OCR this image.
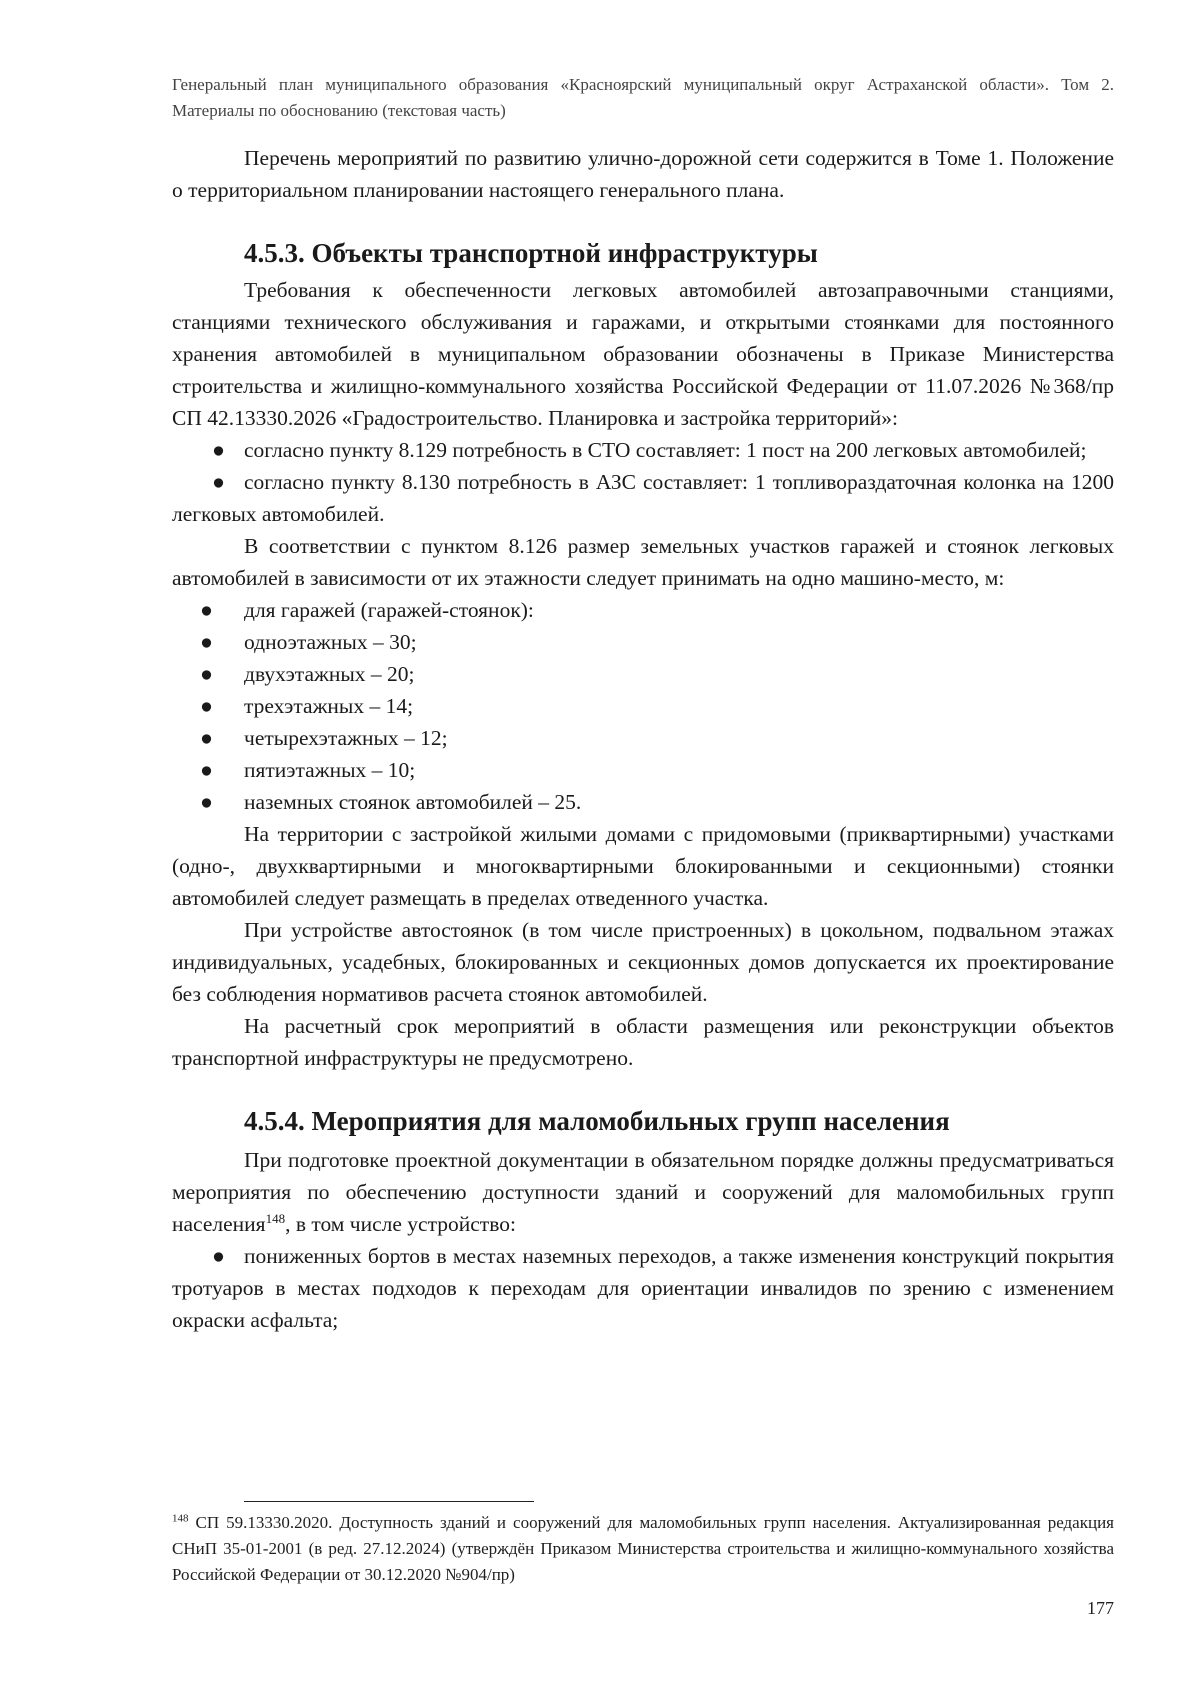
Генеральный план муниципального образования «Красноярский муниципальный округ Астраханской области». Том 2. Материалы по обоснованию (текстовая часть)

Перечень мероприятий по развитию улично-дорожной сети содержится в Томе 1. Положение о территориальном планировании настоящего генерального плана.

4.5.3. Объекты транспортной инфраструктуры

Требования к обеспеченности легковых автомобилей автозаправочными станциями, станциями технического обслуживания и гаражами, и открытыми стоянками для постоянного хранения автомобилей в муниципальном образовании обозначены в Приказе Министерства строительства и жилищно-коммунального хозяйства Российской Федерации от 11.07.2026 №368/пр СП 42.13330.2026 «Градостроительство. Планировка и застройка территорий»:

● согласно пункту 8.129 потребность в СТО составляет: 1 пост на 200 легковых автомобилей;

● согласно пункту 8.130 потребность в АЗС составляет: 1 топливораздаточная колонка на 1200 легковых автомобилей.

В соответствии с пунктом 8.126 размер земельных участков гаражей и стоянок легковых автомобилей в зависимости от их этажности следует принимать на одно машино-место, м:

● для гаражей (гаражей-стоянок):
● одноэтажных – 30;
● двухэтажных – 20;
● трехэтажных – 14;
● четырехэтажных – 12;
● пятиэтажных – 10;
● наземных стоянок автомобилей – 25.

На территории с застройкой жилыми домами с придомовыми (приквартирными) участками (одно-, двухквартирными и многоквартирными блокированными и секционными) стоянки автомобилей следует размещать в пределах отведенного участка.

При устройстве автостоянок (в том числе пристроенных) в цокольном, подвальном этажах индивидуальных, усадебных, блокированных и секционных домов допускается их проектирование без соблюдения нормативов расчета стоянок автомобилей.

На расчетный срок мероприятий в области размещения или реконструкции объектов транспортной инфраструктуры не предусмотрено.

4.5.4. Мероприятия для маломобильных групп населения

При подготовке проектной документации в обязательном порядке должны предусматриваться мероприятия по обеспечению доступности зданий и сооружений для маломобильных групп населения$^{148}$, в том числе устройство:

● пониженных бортов в местах наземных переходов, а также изменения конструкций покрытия тротуаров в местах подходов к переходам для ориентации инвалидов по зрению с изменением окраски асфальта;

$^{148}$ СП 59.13330.2020. Доступность зданий и сооружений для маломобильных групп населения. Актуализированная редакция СНиП 35-01-2001 (в ред. 27.12.2024) (утверждён Приказом Министерства строительства и жилищно-коммунального хозяйства Российской Федерации от 30.12.2020 №904/пр)
177
